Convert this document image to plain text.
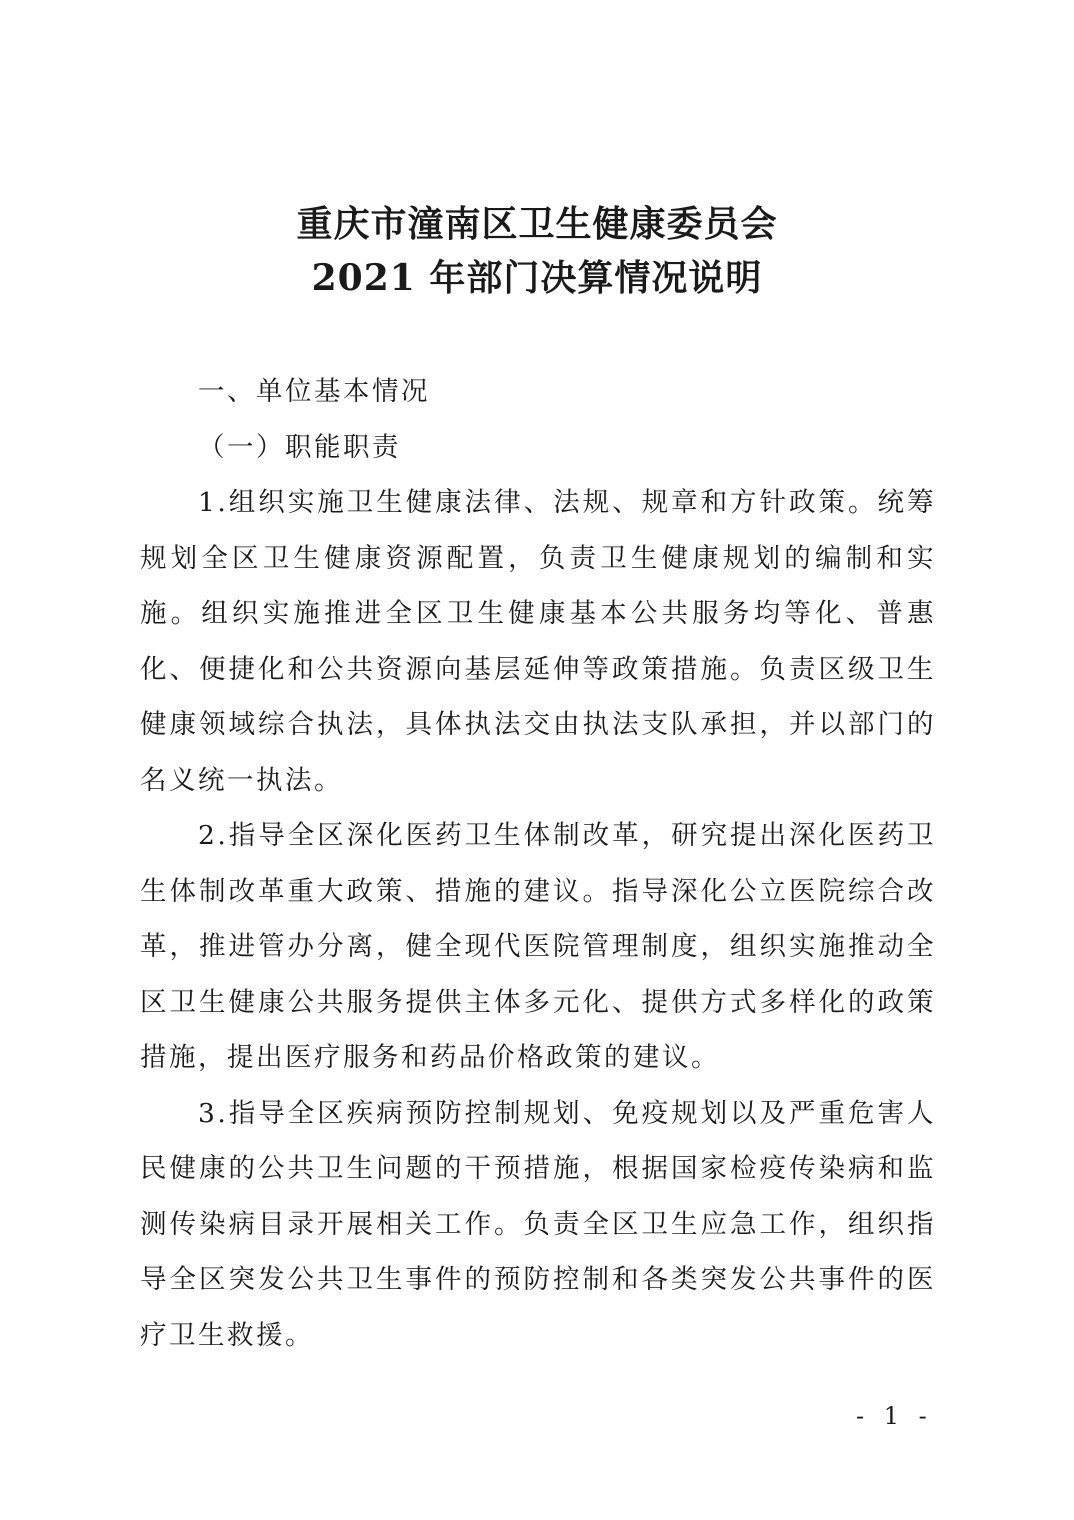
重庆市潼南区卫生健康委员会
2021 年部门决算情况说明

一、单位基本情况

（一）职能职责

1.组织实施卫生健康法律、法规、规章和方针政策。统筹规划全区卫生健康资源配置，负责卫生健康规划的编制和实施。组织实施推进全区卫生健康基本公共服务均等化、普惠化、便捷化和公共资源向基层延伸等政策措施。负责区级卫生健康领域综合执法，具体执法交由执法支队承担，并以部门的名义统一执法。

2.指导全区深化医药卫生体制改革，研究提出深化医药卫生体制改革重大政策、措施的建议。指导深化公立医院综合改革，推进管办分离，健全现代医院管理制度，组织实施推动全区卫生健康公共服务提供主体多元化、提供方式多样化的政策措施，提出医疗服务和药品价格政策的建议。

3.指导全区疾病预防控制规划、免疫规划以及严重危害人民健康的公共卫生问题的干预措施，根据国家检疫传染病和监测传染病目录开展相关工作。负责全区卫生应急工作，组织指导全区突发公共卫生事件的预防控制和各类突发公共事件的医疗卫生救援。

- 1 -
